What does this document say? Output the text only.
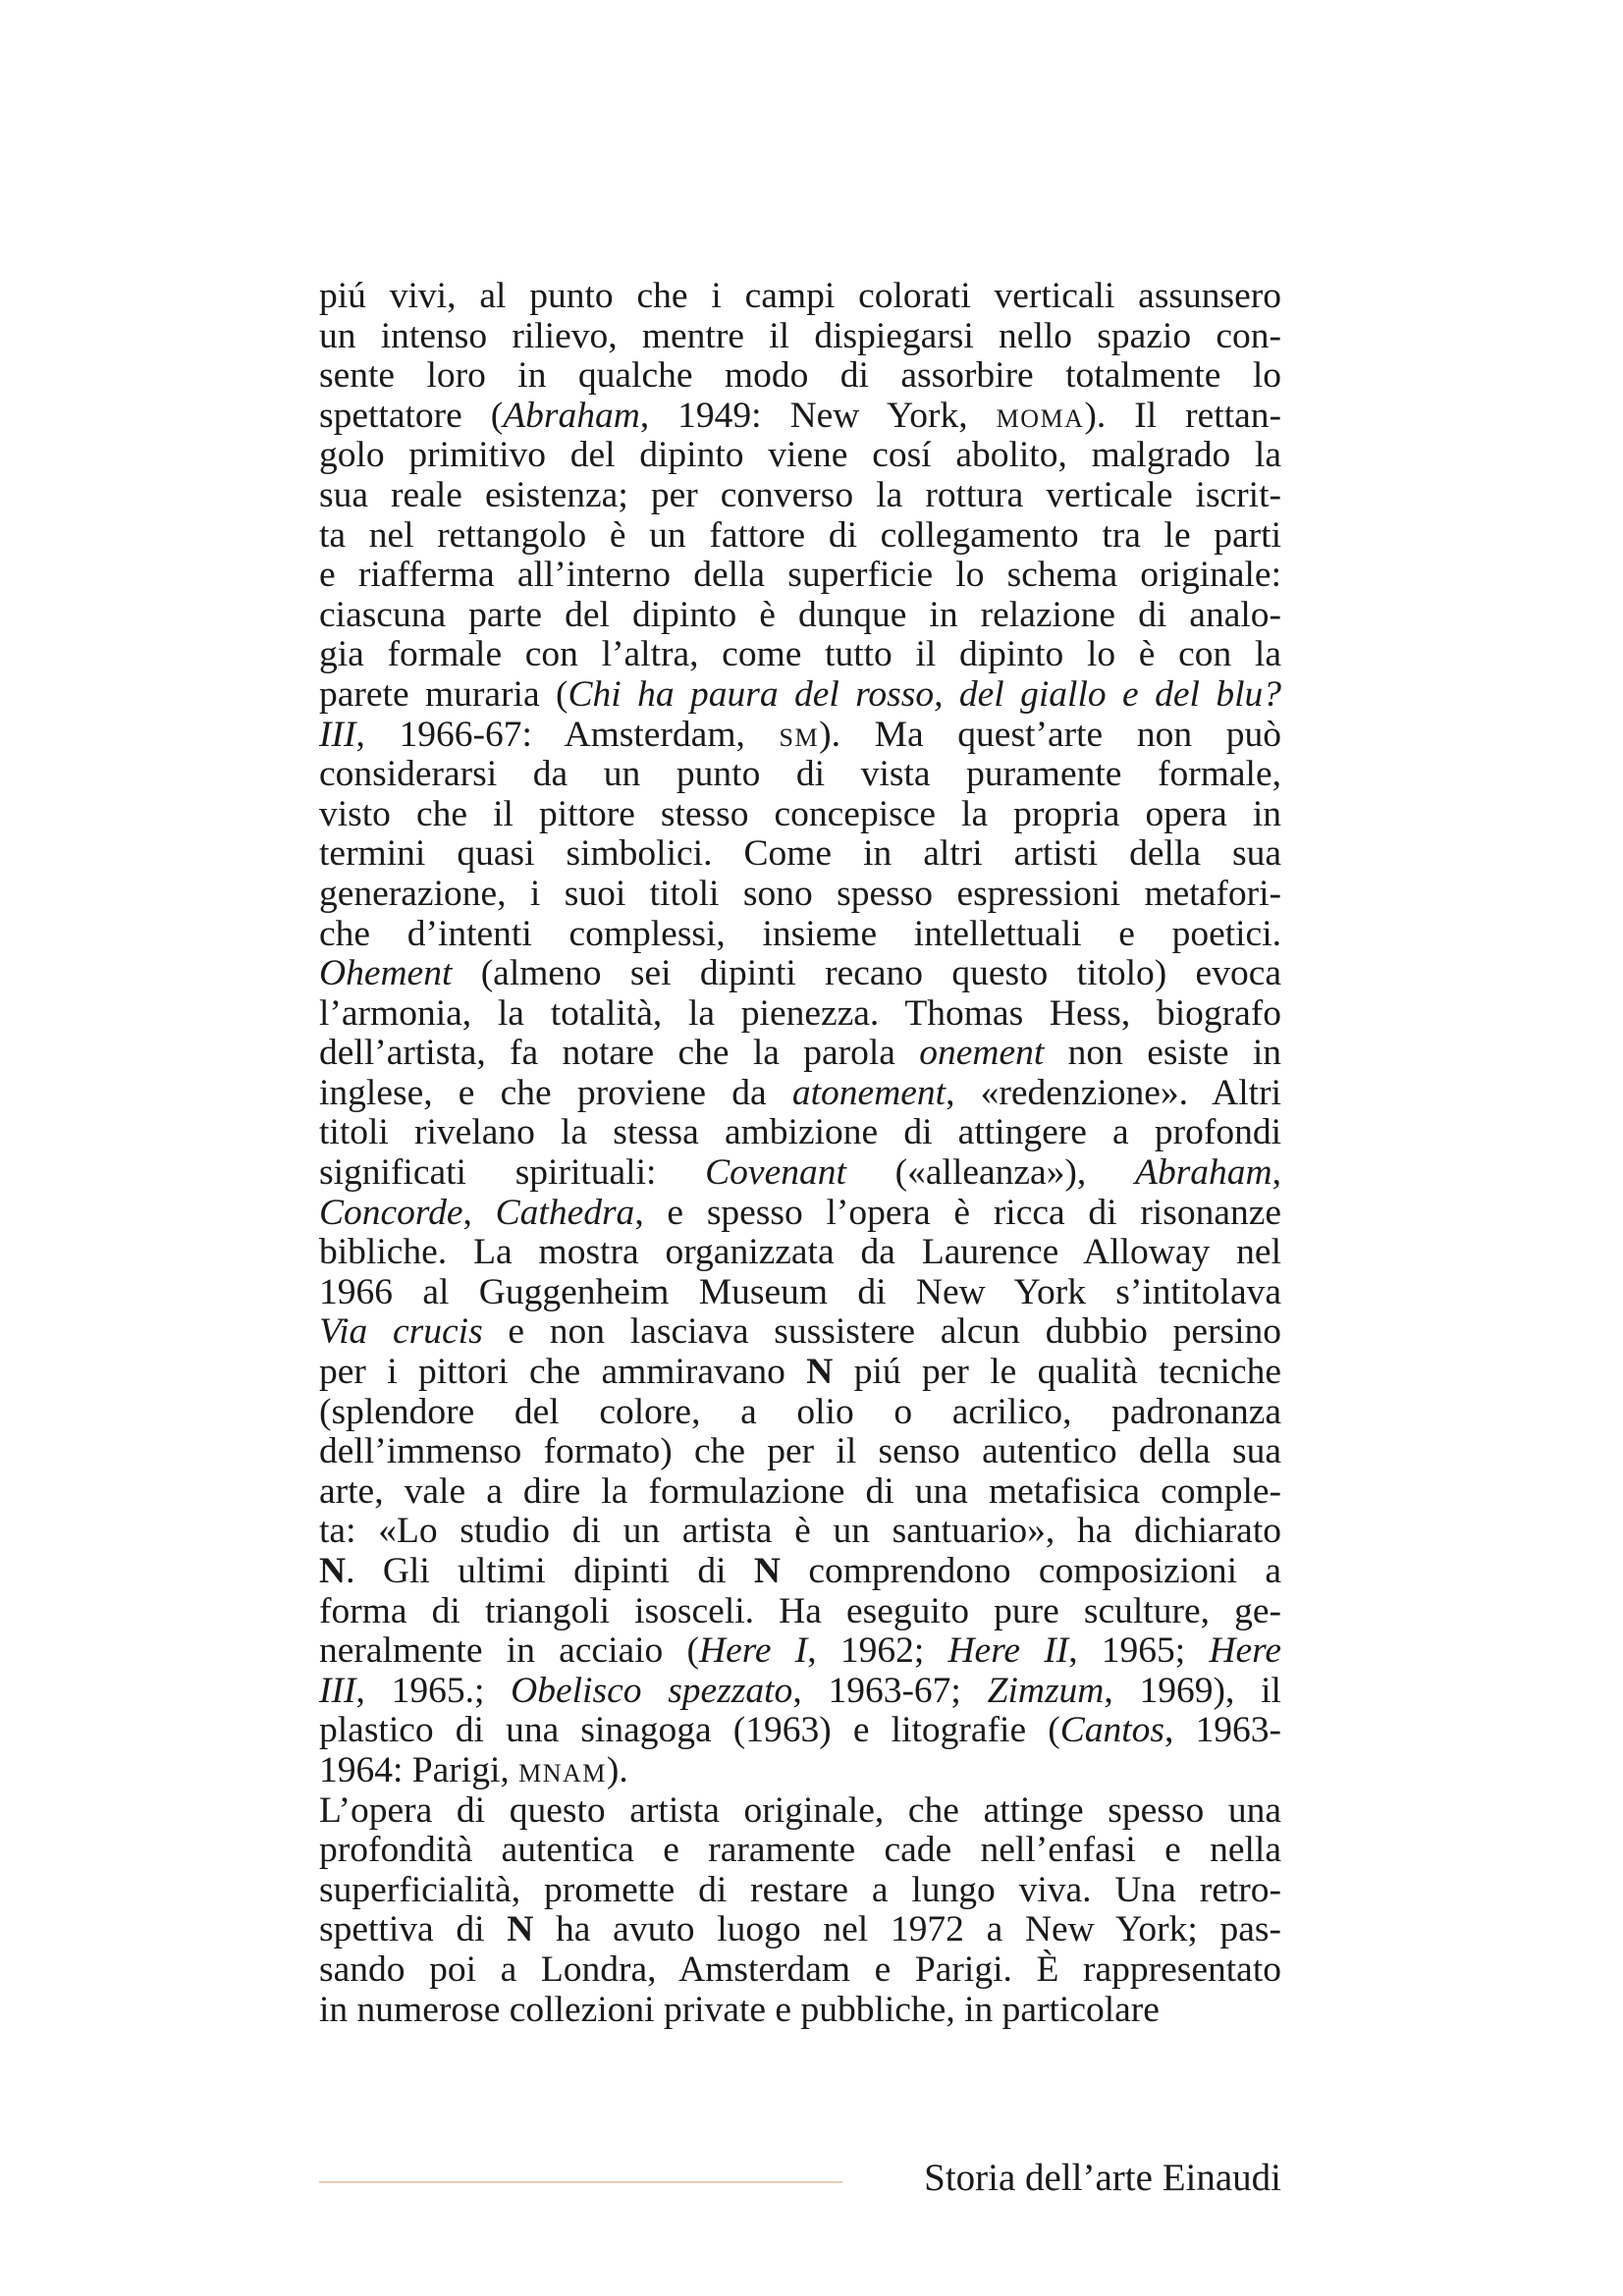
piú vivi, al punto che i campi colorati verticali assunsero
un intenso rilievo, mentre il dispiegarsi nello spazio con-
sente loro in qualche modo di assorbire totalmente lo
spettatore (Abraham, 1949: New York, moma). Il rettan-
golo primitivo del dipinto viene cosí abolito, malgrado la
sua reale esistenza; per converso la rottura verticale iscrit-
ta nel rettangolo è un fattore di collegamento tra le parti
e riafferma all’interno della superficie lo schema originale:
ciascuna parte del dipinto è dunque in relazione di analo-
gia formale con l’altra, come tutto il dipinto lo è con la
parete muraria (Chi ha paura del rosso, del giallo e del blu?
III, 1966-67: Amsterdam, sm). Ma quest’arte non può
considerarsi da un punto di vista puramente formale,
visto che il pittore stesso concepisce la propria opera in
termini quasi simbolici. Come in altri artisti della sua
generazione, i suoi titoli sono spesso espressioni metafori-
che d’intenti complessi, insieme intellettuali e poetici.
Ohement (almeno sei dipinti recano questo titolo) evoca
l’armonia, la totalità, la pienezza. Thomas Hess, biografo
dell’artista, fa notare che la parola onement non esiste in
inglese, e che proviene da atonement, «redenzione». Altri
titoli rivelano la stessa ambizione di attingere a profondi
significati spirituali: Covenant («alleanza»), Abraham,
Concorde, Cathedra, e spesso l’opera è ricca di risonanze
bibliche. La mostra organizzata da Laurence Alloway nel
1966 al Guggenheim Museum di New York s’intitolava
Via crucis e non lasciava sussistere alcun dubbio persino
per i pittori che ammiravano N piú per le qualità tecniche
(splendore del colore, a olio o acrilico, padronanza
dell’immenso formato) che per il senso autentico della sua
arte, vale a dire la formulazione di una metafisica comple-
ta: «Lo studio di un artista è un santuario», ha dichiarato
N. Gli ultimi dipinti di N comprendono composizioni a
forma di triangoli isosceli. Ha eseguito pure sculture, ge-
neralmente in acciaio (Here I, 1962; Here II, 1965; Here
III, 1965.; Obelisco spezzato, 1963-67; Zimzum, 1969), il
plastico di una sinagoga (1963) e litografie (Cantos, 1963-
1964: Parigi, mnam).
L’opera di questo artista originale, che attinge spesso una
profondità autentica e raramente cade nell’enfasi e nella
superficialità, promette di restare a lungo viva. Una retro-
spettiva di N ha avuto luogo nel 1972 a New York; pas-
sando poi a Londra, Amsterdam e Parigi. È rappresentato
in numerose collezioni private e pubbliche, in particolare
Storia dell’arte Einaudi
